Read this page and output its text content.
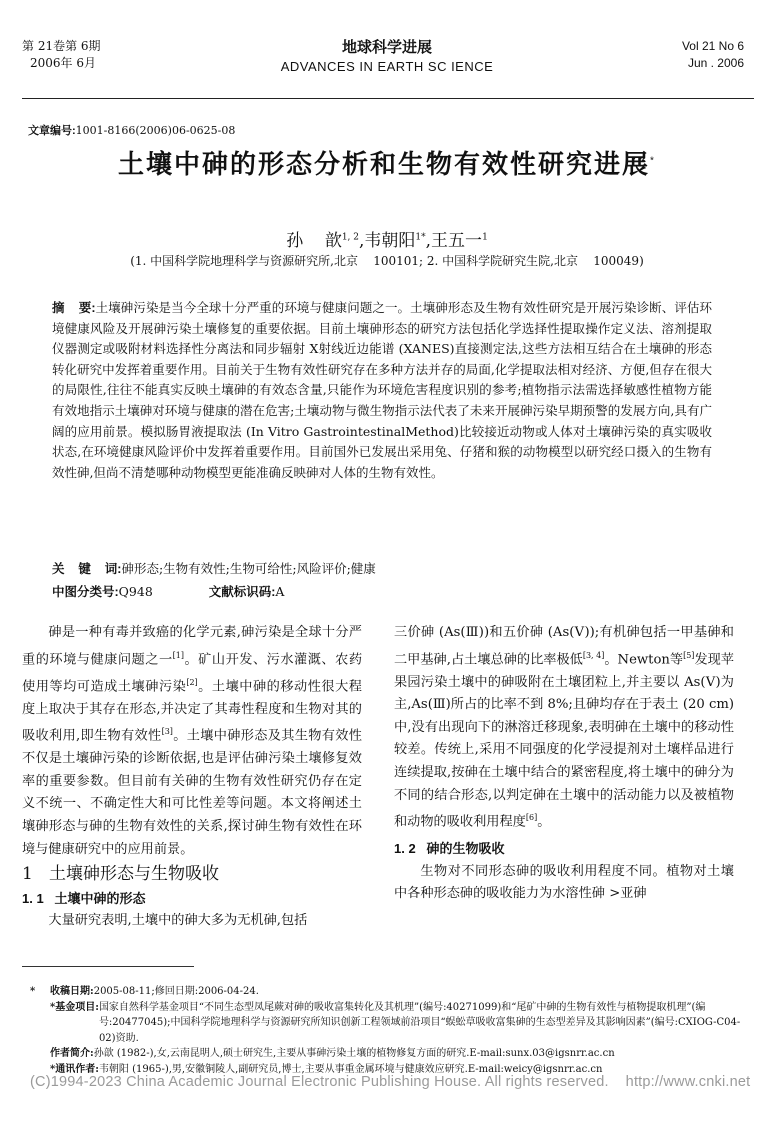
第 21卷第 6期
2006年 6月
地球科学进展
ADVANCES IN EARTH SC IENCE
Vol 21 No 6
Jun . 2006
文章编号:1001-8166(2006)06-0625-08
土壤中砷的形态分析和生物有效性研究进展*
孙    歆$^{1, 2}$,韦朝阳$^{1*}$,王五一$^1$
(1. 中国科学院地理科学与资源研究所,北京    100101; 2. 中国科学院研究生院,北京    100049)
摘    要:土壤砷污染是当今全球十分严重的环境与健康问题之一。土壤砷形态及生物有效性研究是开展污染诊断、评估环境健康风险及开展砷污染土壤修复的重要依据。目前土壤砷形态的研究方法包括化学选择性提取操作定义法、溶剂提取仪器测定或吸附材料选择性分离法和同步辐射 X射线近边能谱 (XANES)直接测定法,这些方法相互结合在土壤砷的形态转化研究中发挥着重要作用。目前关于生物有效性研究存在多种方法并存的局面,化学提取法相对经济、方便,但存在很大的局限性,往往不能真实反映土壤砷的有效态含量,只能作为环境危害程度识别的参考;植物指示法需选择敏感性植物方能有效地指示土壤砷对环境与健康的潜在危害;土壤动物与微生物指示法代表了未来开展砷污染早期预警的发展方向,具有广阔的应用前景。模拟肠胃液提取法 (In Vitro GastrointestinalMethod)比较接近动物或人体对土壤砷污染的真实吸收状态,在环境健康风险评价中发挥着重要作用。目前国外已发展出采用兔、仔猪和猴的动物模型以研究经口摄入的生物有效性砷,但尚不清楚哪种动物模型更能准确反映砷对人体的生物有效性。
关    键    词:砷形态;生物有效性;生物可给性;风险评价;健康
中图分类号:Q948	文献标识码:A

砷是一种有毒并致癌的化学元素,砷污染是全球十分严重的环境与健康问题之一[1]。矿山开发、污水灌溉、农药使用等均可造成土壤砷污染[2]。土壤中砷的移动性很大程度上取决于其存在形态,并决定了其毒性程度和生物对其的吸收利用,即生物有效性[3]。土壤中砷形态及其生物有效性不仅是土壤砷污染的诊断依据,也是评估砷污染土壤修复效率的重要参数。但目前有关砷的生物有效性研究仍存在定义不统一、不确定性大和可比性差等问题。本文将阐述土壤砷形态与砷的生物有效性的关系,探讨砷生物有效性在环境与健康研究中的应用前景。

1   土壤砷形态与生物吸收
1. 1   土壤中砷的形态

大量研究表明,土壤中的砷大多为无机砷,包括

三价砷 (As(Ⅲ))和五价砷 (As(Ⅴ));有机砷包括一甲基砷和二甲基砷,占土壤总砷的比率极低[3, 4]。Newton等[5]发现苹果园污染土壤中的砷吸附在土壤团粒上,并主要以 As(Ⅴ)为主,As(Ⅲ)所占的比率不到 8%;且砷均存在于表土 (20 cm)中,没有出现向下的淋溶迁移现象,表明砷在土壤中的移动性较差。传统上,采用不同强度的化学浸提剂对土壤样品进行连续提取,按砷在土壤中结合的紧密程度,将土壤中的砷分为不同的结合形态,以判定砷在土壤中的活动能力以及被植物和动物的吸收利用程度[6]。

1. 2   砷的生物吸收

生物对不同形态砷的吸收利用程度不同。植物对土壤中各种形态砷的吸收能力为水溶性砷 >亚砷

* 收稿日期: 2005-08-11;修回日期:2006-04-24.
*基金项目: 国家自然科学基金项目“不同生态型凤尾蕨对砷的吸收富集转化及其机理”(编号:40271099)和“尾矿中砷的生物有效性与植物提取机理”(编号:20477045);中国科学院地理科学与资源研究所知识创新工程领域前沿项目“蜈蚣草吸收富集砷的生态型差异及其影响因素”(编号:CXIOG-C04-02)资助.
作者简介: 孙歆 (1982-),女,云南昆明人,硕士研究生,主要从事砷污染土壤的植物修复方面的研究.E-mail:sunx.03@igsnrr.ac.cn
*通讯作者: 韦朝阳 (1965-),男,安徽铜陵人,副研究员,博士,主要从事重金属环境与健康效应研究.E-mail:weicy@igsnrr.ac.cn
(C)1994-2023 China Academic Journal Electronic Publishing House. All rights reserved.    http://www.cnki.net
